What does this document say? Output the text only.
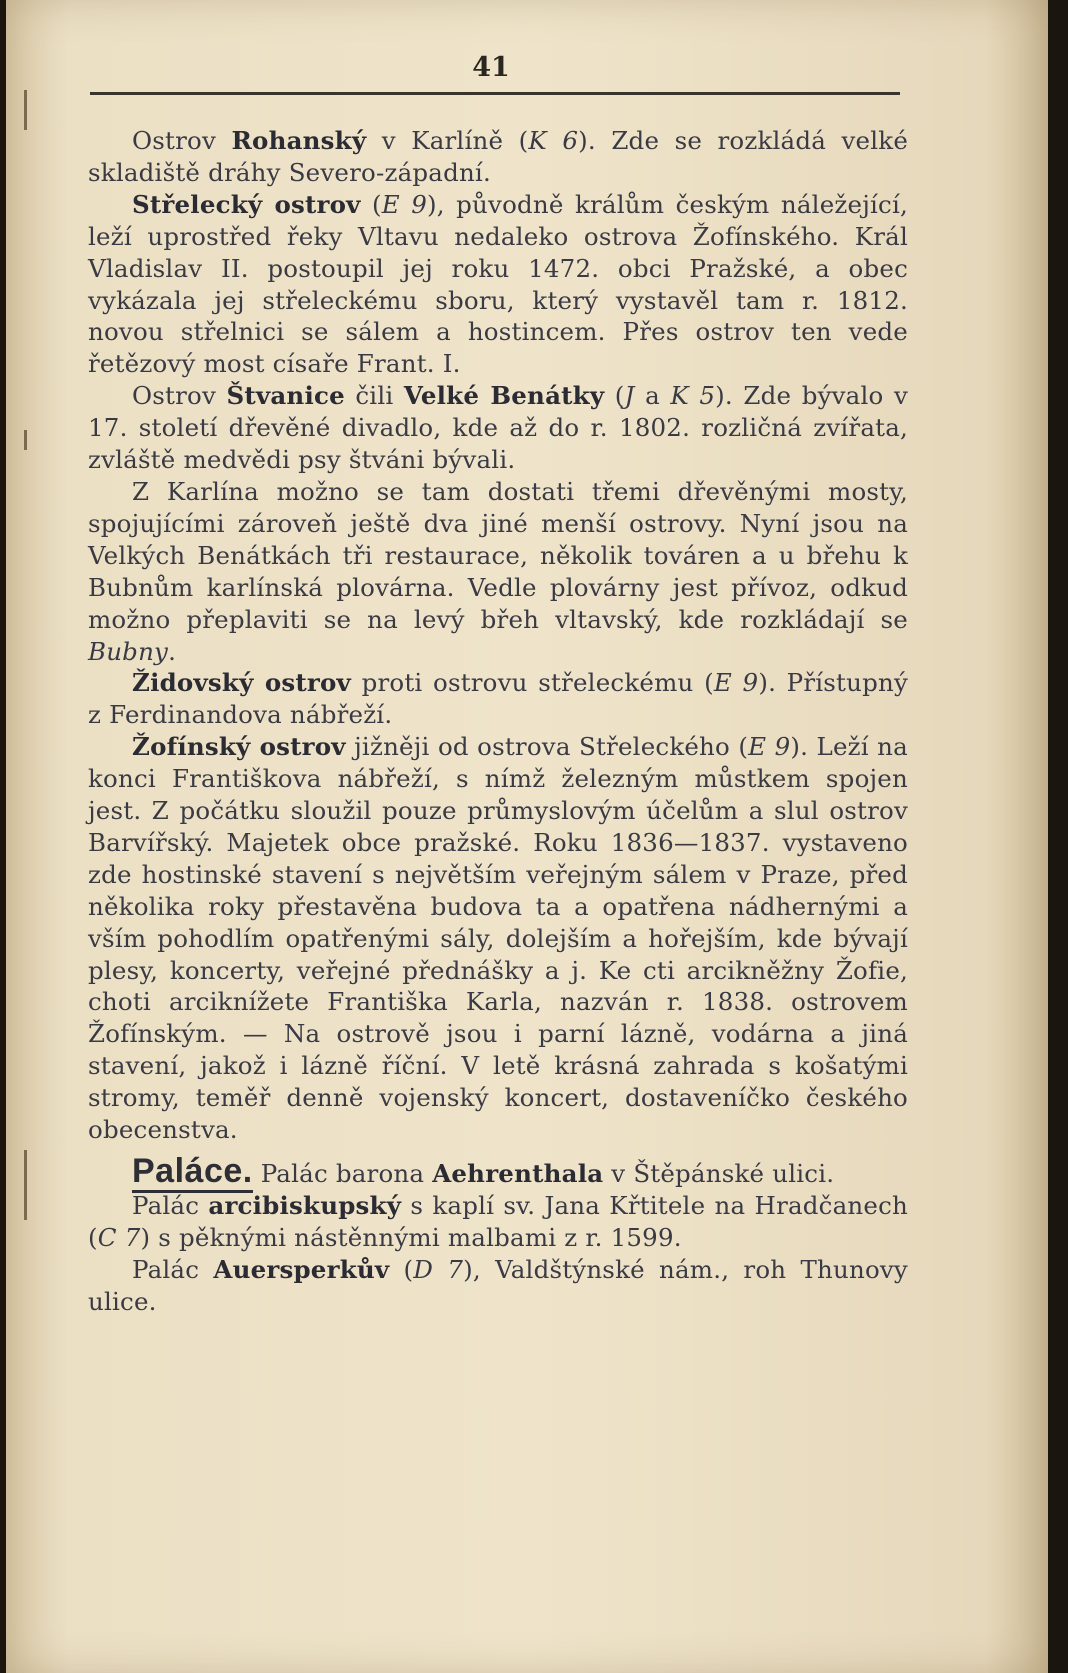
41

Ostrov Rohanský v Karlíně (K 6). Zde se rozkládá velké skladiště dráhy Severo-západní.

Střelecký ostrov (E 9), původně králům českým náležející, leží uprostřed řeky Vltavu nedaleko ostrova Žofínského. Král Vladislav II. postoupil jej roku 1472. obci Pražské, a obec vykázala jej střeleckému sboru, který vystavěl tam r. 1812. novou střelnici se sálem a hostincem. Přes ostrov ten vede řetězový most císaře Frant. I.

Ostrov Štvanice čili Velké Benátky (J a K 5). Zde bývalo v 17. století dřevěné divadlo, kde až do r. 1802. rozličná zvířata, zvláště medvědi psy štváni bývali.

Z Karlína možno se tam dostati třemi dřevěnými mosty, spojujícími zároveň ještě dva jiné menší ostrovy. Nyní jsou na Velkých Benátkách tři restaurace, několik továren a u břehu k Bubnům karlínská plovárna. Vedle plovárny jest přívoz, odkud možno přeplaviti se na levý břeh vltavský, kde rozkládají se Bubny.

Židovský ostrov proti ostrovu střeleckému (E 9). Přístupný z Ferdinandova nábřeží.

Žofínský ostrov jižněji od ostrova Střeleckého (E 9). Leží na konci Františkova nábřeží, s nímž železným můstkem spojen jest. Z počátku sloužil pouze průmyslovým účelům a slul ostrov Barvířský. Majetek obce pražské. Roku 1836—1837. vystaveno zde hostinské stavení s největším veřejným sálem v Praze, před několika roky přestavěna budova ta a opatřena nádhernými a vším pohodlím opatřenými sály, dolejším a hořejším, kde bývají plesy, koncerty, veřejné přednášky a j. Ke cti arcikněžny Žofie, choti arciknížete Františka Karla, nazván r. 1838. ostrovem Žofínským. — Na ostrově jsou i parní lázně, vodárna a jiná stavení, jakož i lázně říční. V letě krásná zahrada s košatými stromy, teměř denně vojenský koncert, dostaveníčko českého obecenstva.

Paláce. Palác barona Aehrenthala v Štěpánské ulici.

Palác arcibiskupský s kaplí sv. Jana Křtitele na Hradčanech (C 7) s pěknými nástěnnými malbami z r. 1599.

Palác Auersperkův (D 7), Valdštýnské nám., roh Thunovy ulice.
